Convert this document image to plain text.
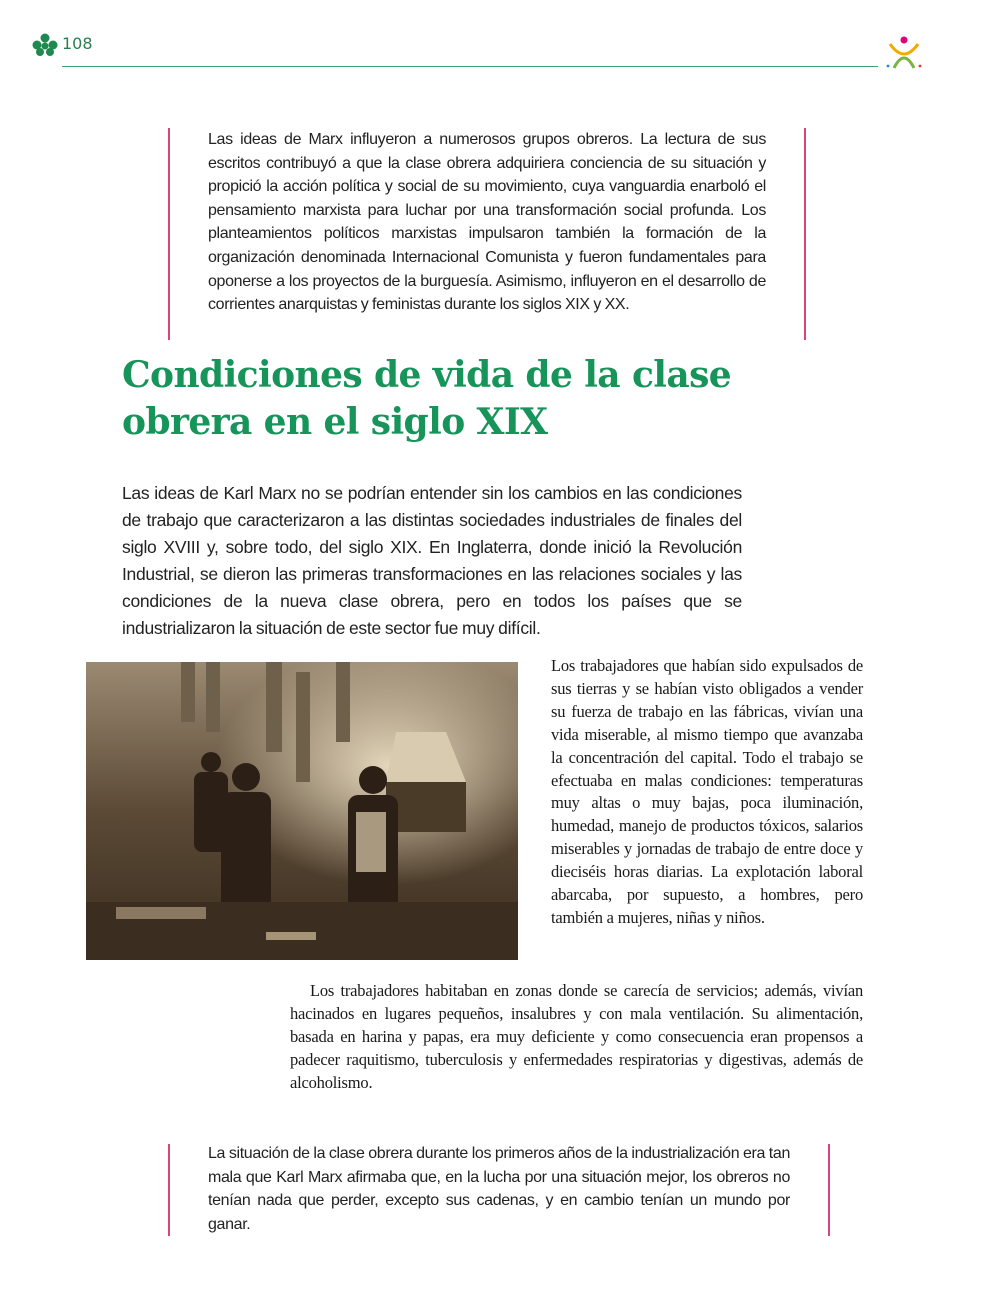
108
Las ideas de Marx influyeron a numerosos grupos obreros. La lectura de sus escritos contribuyó a que la clase obrera adquiriera conciencia de su situación y propició la acción política y social de su movimiento, cuya vanguardia enarboló el pensamiento marxista para luchar por una transformación social profunda. Los planteamientos políticos marxistas impulsaron también la formación de la organización denominada Internacional Comunista y fueron fundamentales para oponerse a los proyectos de la burguesía. Asimismo, influyeron en el desarrollo de corrientes anarquistas y feministas durante los siglos XIX y XX.
Condiciones de vida de la clase obrera en el siglo XIX

Las ideas de Karl Marx no se podrían entender sin los cambios en las condiciones de trabajo que caracterizaron a las distintas sociedades industriales de finales del siglo XVIII y, sobre todo, del siglo XIX. En Inglaterra, donde inició la Revolución Industrial, se dieron las primeras transformaciones en las relaciones sociales y las condiciones de la nueva clase obrera, pero en todos los países que se industrializaron la situación de este sector fue muy difícil.

Los trabajadores que habían sido expulsados de sus tierras y se habían visto obligados a vender su fuerza de trabajo en las fábricas, vivían una vida miserable, al mismo tiempo que avanzaba la concentración del capital. Todo el trabajo se efectuaba en malas condiciones: temperaturas muy altas o muy bajas, poca iluminación, humedad, manejo de productos tóxicos, salarios miserables y jornadas de trabajo de entre doce y dieciséis horas diarias. La explotación laboral abarcaba, por supuesto, a hombres, pero también a mujeres, niñas y niños.

Los trabajadores habitaban en zonas donde se carecía de servicios; además, vivían hacinados en lugares pequeños, insalubres y con mala ventilación. Su alimentación, basada en harina y papas, era muy deficiente y como consecuencia eran propensos a padecer raquitismo, tuberculosis y enfermedades respiratorias y digestivas, además de alcoholismo.

La situación de la clase obrera durante los primeros años de la industrialización era tan mala que Karl Marx afirmaba que, en la lucha por una situación mejor, los obreros no tenían nada que perder, excepto sus cadenas, y en cambio tenían un mundo por ganar.
